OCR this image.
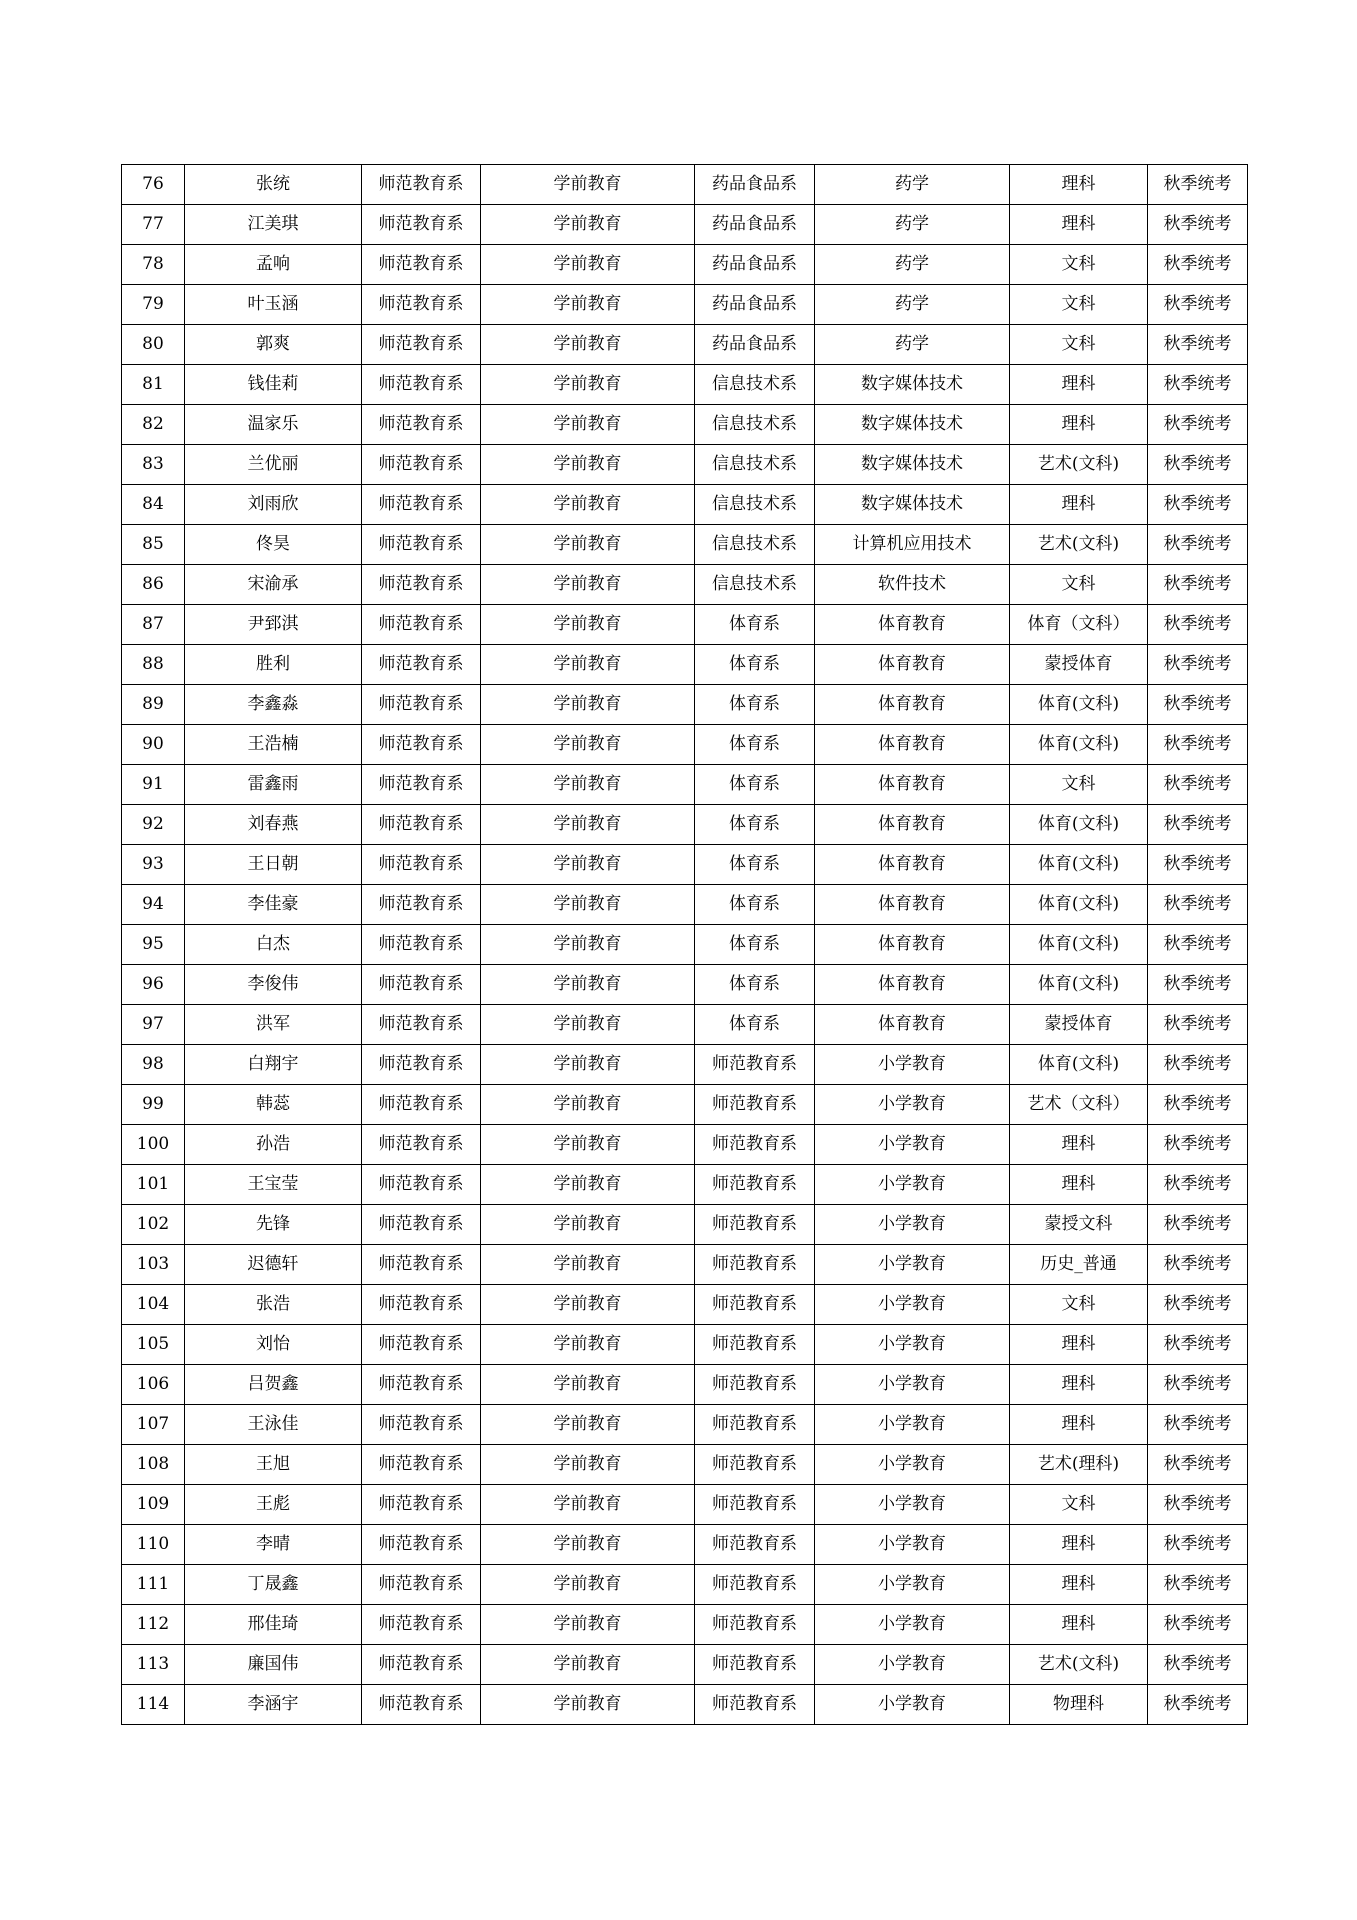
76	张统	师范教育系	学前教育	药品食品系	药学	理科	秋季统考
77	江美琪	师范教育系	学前教育	药品食品系	药学	理科	秋季统考
78	孟响	师范教育系	学前教育	药品食品系	药学	文科	秋季统考
79	叶玉涵	师范教育系	学前教育	药品食品系	药学	文科	秋季统考
80	郭爽	师范教育系	学前教育	药品食品系	药学	文科	秋季统考
81	钱佳莉	师范教育系	学前教育	信息技术系	数字媒体技术	理科	秋季统考
82	温家乐	师范教育系	学前教育	信息技术系	数字媒体技术	理科	秋季统考
83	兰优丽	师范教育系	学前教育	信息技术系	数字媒体技术	艺术(文科)	秋季统考
84	刘雨欣	师范教育系	学前教育	信息技术系	数字媒体技术	理科	秋季统考
85	佟昊	师范教育系	学前教育	信息技术系	计算机应用技术	艺术(文科)	秋季统考
86	宋渝承	师范教育系	学前教育	信息技术系	软件技术	文科	秋季统考
87	尹郅淇	师范教育系	学前教育	体育系	体育教育	体育（文科）	秋季统考
88	胜利	师范教育系	学前教育	体育系	体育教育	蒙授体育	秋季统考
89	李鑫淼	师范教育系	学前教育	体育系	体育教育	体育(文科)	秋季统考
90	王浩楠	师范教育系	学前教育	体育系	体育教育	体育(文科)	秋季统考
91	雷鑫雨	师范教育系	学前教育	体育系	体育教育	文科	秋季统考
92	刘春燕	师范教育系	学前教育	体育系	体育教育	体育(文科)	秋季统考
93	王日朝	师范教育系	学前教育	体育系	体育教育	体育(文科)	秋季统考
94	李佳豪	师范教育系	学前教育	体育系	体育教育	体育(文科)	秋季统考
95	白杰	师范教育系	学前教育	体育系	体育教育	体育(文科)	秋季统考
96	李俊伟	师范教育系	学前教育	体育系	体育教育	体育(文科)	秋季统考
97	洪军	师范教育系	学前教育	体育系	体育教育	蒙授体育	秋季统考
98	白翔宇	师范教育系	学前教育	师范教育系	小学教育	体育(文科)	秋季统考
99	韩蕊	师范教育系	学前教育	师范教育系	小学教育	艺术（文科）	秋季统考
100	孙浩	师范教育系	学前教育	师范教育系	小学教育	理科	秋季统考
101	王宝莹	师范教育系	学前教育	师范教育系	小学教育	理科	秋季统考
102	先锋	师范教育系	学前教育	师范教育系	小学教育	蒙授文科	秋季统考
103	迟德轩	师范教育系	学前教育	师范教育系	小学教育	历史_普通	秋季统考
104	张浩	师范教育系	学前教育	师范教育系	小学教育	文科	秋季统考
105	刘怡	师范教育系	学前教育	师范教育系	小学教育	理科	秋季统考
106	吕贺鑫	师范教育系	学前教育	师范教育系	小学教育	理科	秋季统考
107	王泳佳	师范教育系	学前教育	师范教育系	小学教育	理科	秋季统考
108	王旭	师范教育系	学前教育	师范教育系	小学教育	艺术(理科)	秋季统考
109	王彪	师范教育系	学前教育	师范教育系	小学教育	文科	秋季统考
110	李晴	师范教育系	学前教育	师范教育系	小学教育	理科	秋季统考
111	丁晟鑫	师范教育系	学前教育	师范教育系	小学教育	理科	秋季统考
112	邢佳琦	师范教育系	学前教育	师范教育系	小学教育	理科	秋季统考
113	廉国伟	师范教育系	学前教育	师范教育系	小学教育	艺术(文科)	秋季统考
114	李涵宇	师范教育系	学前教育	师范教育系	小学教育	物理科	秋季统考
